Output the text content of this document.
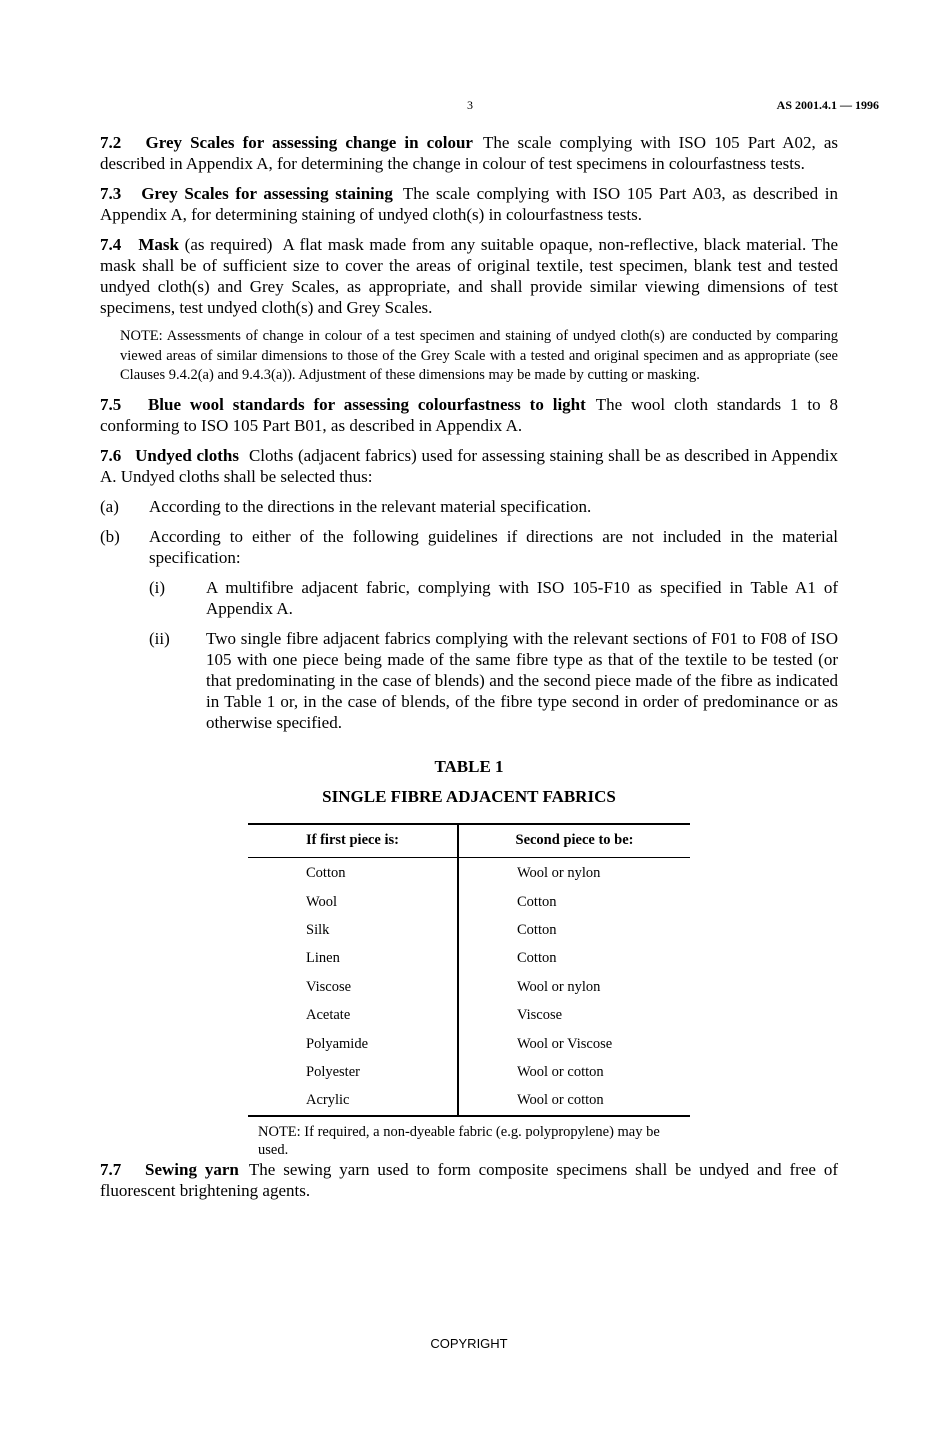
3	AS 2001.4.1 — 1996

7.2 Grey Scales for assessing change in colour The scale complying with ISO 105 Part A02, as described in Appendix A, for determining the change in colour of test specimens in colourfastness tests.

7.3 Grey Scales for assessing staining The scale complying with ISO 105 Part A03, as described in Appendix A, for determining staining of undyed cloth(s) in colourfastness tests.

7.4 Mask (as required) A flat mask made from any suitable opaque, non-reflective, black material. The mask shall be of sufficient size to cover the areas of original textile, test specimen, blank test and tested undyed cloth(s) and Grey Scales, as appropriate, and shall provide similar viewing dimensions of test specimens, test undyed cloth(s) and Grey Scales.

NOTE: Assessments of change in colour of a test specimen and staining of undyed cloth(s) are conducted by comparing viewed areas of similar dimensions to those of the Grey Scale with a tested and original specimen and as appropriate (see Clauses 9.4.2(a) and 9.4.3(a)). Adjustment of these dimensions may be made by cutting or masking.

7.5 Blue wool standards for assessing colourfastness to light The wool cloth standards 1 to 8 conforming to ISO 105 Part B01, as described in Appendix A.

7.6 Undyed cloths Cloths (adjacent fabrics) used for assessing staining shall be as described in Appendix A. Undyed cloths shall be selected thus:

(a)	According to the directions in the relevant material specification.
(b)	According to either of the following guidelines if directions are not included in the material specification:
(i)	A multifibre adjacent fabric, complying with ISO 105-F10 as specified in Table A1 of Appendix A.
(ii)	Two single fibre adjacent fabrics complying with the relevant sections of F01 to F08 of ISO 105 with one piece being made of the same fibre type as that of the textile to be tested (or that predominating in the case of blends) and the second piece made of the fibre as indicated in Table 1 or, in the case of blends, of the fibre type second in order of predominance or as otherwise specified.
TABLE 1
SINGLE FIBRE ADJACENT FABRICS
If first piece is:	Second piece to be:
Cotton	Wool or nylon
Wool	Cotton
Silk	Cotton
Linen	Cotton
Viscose	Wool or nylon
Acetate	Viscose
Polyamide	Wool or Viscose
Polyester	Wool or cotton
Acrylic	Wool or cotton
NOTE: If required, a non-dyeable fabric (e.g. polypropylene) may be used.

7.7 Sewing yarn The sewing yarn used to form composite specimens shall be undyed and free of fluorescent brightening agents.

COPYRIGHT
